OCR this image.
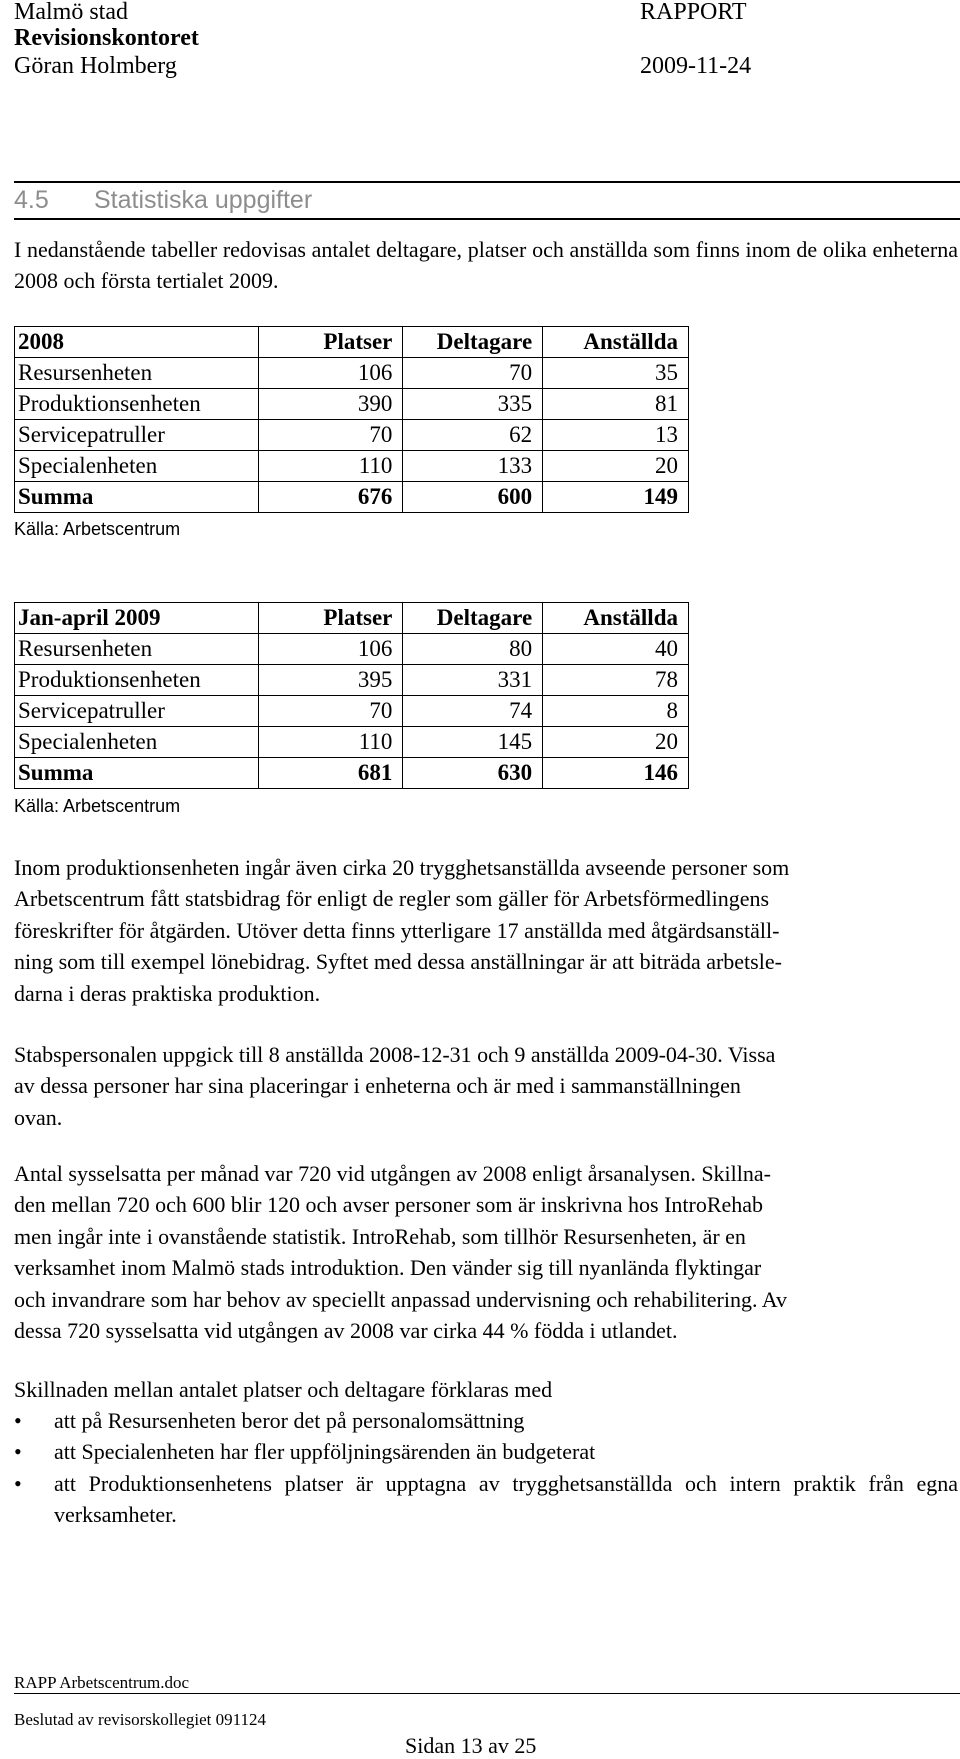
Malmö stad
Revisionskontoret
Göran Holmberg
RAPPORT
2009-11-24
4.5 Statistiska uppgifter

I nedanstående tabeller redovisas antalet deltagare, platser och anställda som finns inom de olika enheterna 2008 och första tertialet 2009.

2008	Platser	Deltagare	Anställda
Resursenheten	106	70	35
Produktionsenheten	390	335	81
Servicepatruller	70	62	13
Specialenheten	110	133	20
Summa	676	600	149
Källa: Arbetscentrum
Jan-april 2009	Platser	Deltagare	Anställda
Resursenheten	106	80	40
Produktionsenheten	395	331	78
Servicepatruller	70	74	8
Specialenheten	110	145	20
Summa	681	630	146
Källa: Arbetscentrum

Inom produktionsenheten ingår även cirka 20 trygghetsanställda avseende personer som

Arbetscentrum fått statsbidrag för enligt de regler som gäller för Arbetsförmedlingens

föreskrifter för åtgärden. Utöver detta finns ytterligare 17 anställda med åtgärdsanställ-

ning som till exempel lönebidrag. Syftet med dessa anställningar är att biträda arbetsle-

darna i deras praktiska produktion.

Stabspersonalen uppgick till 8 anställda 2008-12-31 och 9 anställda 2009-04-30. Vissa

av dessa personer har sina placeringar i enheterna och är med i sammanställningen

ovan.

Antal sysselsatta per månad var 720 vid utgången av 2008 enligt årsanalysen. Skillna-

den mellan 720 och 600 blir 120 och avser personer som är inskrivna hos IntroRehab

men ingår inte i ovanstående statistik. IntroRehab, som tillhör Resursenheten, är en

verksamhet inom Malmö stads introduktion. Den vänder sig till nyanlända flyktingar

och invandrare som har behov av speciellt anpassad undervisning och rehabilitering. Av

dessa 720 sysselsatta vid utgången av 2008 var cirka 44 % födda i utlandet.

Skillnaden mellan antalet platser och deltagare förklaras med

• att på Resursenheten beror det på personalomsättning
• att Specialenheten har fler uppföljningsärenden än budgeterat
• att Produktionsenhetens platser är upptagna av trygghetsanställda och intern praktik från egna verksamheter.
RAPP Arbetscentrum.doc
Beslutad av revisorskollegiet 091124
Sidan 13 av 25
